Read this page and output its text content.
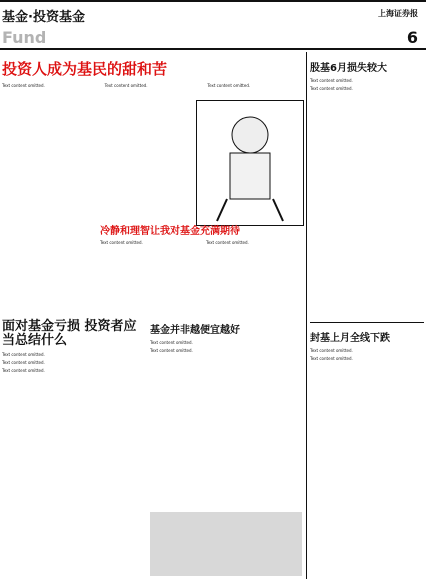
基金·投资基金	上海证券报
Fund	6
投资人成为基民的甜和苦

Text content omitted.	Text content omitted.	Text content omitted.

冷静和理智让我对基金充满期待

Text content omitted.	Text content omitted.

面对基金亏损 投资者应当总结什么

Text content omitted.

Text content omitted.

Text content omitted.

基金并非越便宜越好

Text content omitted.

Text content omitted.

股基6月损失较大

Text content omitted.

Text content omitted.

封基上月全线下跌

Text content omitted.

Text content omitted.
